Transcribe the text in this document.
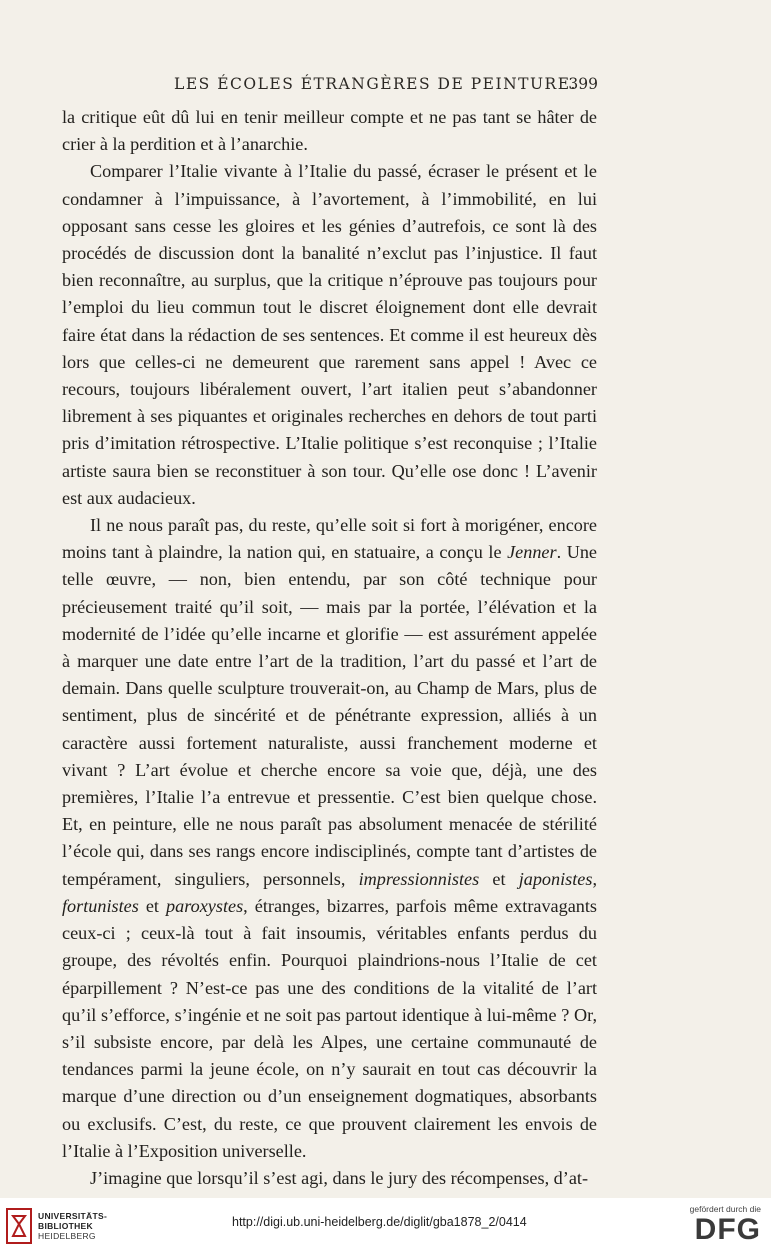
LES ÉCOLES ÉTRANGÈRES DE PEINTURE.
399

la critique eût dû lui en tenir meilleur compte et ne pas tant se hâter de crier à la perdition et à l’anarchie.

Comparer l’Italie vivante à l’Italie du passé, écraser le présent et le condamner à l’impuissance, à l’avortement, à l’immobilité, en lui opposant sans cesse les gloires et les génies d’autrefois, ce sont là des procédés de discussion dont la banalité n’exclut pas l’injustice. Il faut bien reconnaître, au surplus, que la critique n’éprouve pas toujours pour l’emploi du lieu commun tout le discret éloignement dont elle devrait faire état dans la rédaction de ses sentences. Et comme il est heureux dès lors que celles-ci ne demeurent que rarement sans appel ! Avec ce recours, toujours libéralement ouvert, l’art italien peut s’abandonner librement à ses piquantes et originales recherches en dehors de tout parti pris d’imitation rétrospective. L’Italie politique s’est reconquise ; l’Italie artiste saura bien se reconstituer à son tour. Qu’elle ose donc ! L’avenir est aux audacieux.

Il ne nous paraît pas, du reste, qu’elle soit si fort à morigéner, encore moins tant à plaindre, la nation qui, en statuaire, a conçu le Jenner. Une telle œuvre, — non, bien entendu, par son côté technique pour précieusement traité qu’il soit, — mais par la portée, l’élévation et la modernité de l’idée qu’elle incarne et glorifie — est assurément appelée à marquer une date entre l’art de la tradition, l’art du passé et l’art de demain. Dans quelle sculpture trouverait-on, au Champ de Mars, plus de sentiment, plus de sincérité et de pénétrante expression, alliés à un caractère aussi fortement naturaliste, aussi franchement moderne et vivant ? L’art évolue et cherche encore sa voie que, déjà, une des premières, l’Italie l’a entrevue et pressentie. C’est bien quelque chose. Et, en peinture, elle ne nous paraît pas absolument menacée de stérilité l’école qui, dans ses rangs encore indisciplinés, compte tant d’artistes de tempérament, singuliers, personnels, impressionnistes et japonistes, fortunistes et paroxystes, étranges, bizarres, parfois même extravagants ceux-ci ; ceux-là tout à fait insoumis, véritables enfants perdus du groupe, des révoltés enfin. Pourquoi plaindrions-nous l’Italie de cet éparpillement ? N’est-ce pas une des conditions de la vitalité de l’art qu’il s’efforce, s’ingénie et ne soit pas partout identique à lui-même ? Or, s’il subsiste encore, par delà les Alpes, une certaine communauté de tendances parmi la jeune école, on n’y saurait en tout cas découvrir la marque d’une direction ou d’un enseignement dogmatiques, absorbants ou exclusifs. C’est, du reste, ce que prouvent clairement les envois de l’Italie à l’Exposition universelle.

J’imagine que lorsqu’il s’est agi, dans le jury des récompenses, d’at-

UNIVERSITÄTS-
BIBLIOTHEK
HEIDELBERG
http://digi.ub.uni-heidelberg.de/diglit/gba1878_2/0414
gefördert durch die
DFG
